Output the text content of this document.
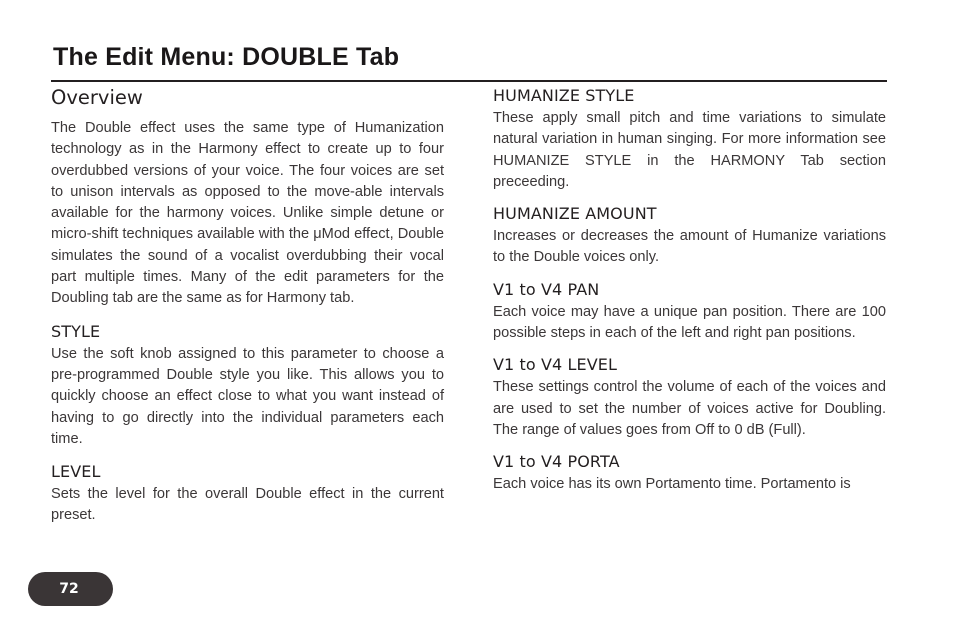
The Edit Menu: DOUBLE Tab
Overview

The Double effect uses the same type of Humanization technology as in the Harmony effect to create up to four overdubbed versions of your voice. The four voices are set to unison intervals as opposed to the move-able intervals available for the harmony voices. Unlike simple detune or micro-shift techniques available with the μMod effect, Double simulates the sound of a vocalist overdubbing their vocal part multiple times. Many of the edit parameters for the Doubling tab are the same as for Harmony tab.

STYLE

Use the soft knob assigned to this parameter to choose a pre-programmed Double style you like. This allows you to quickly choose an effect close to what you want instead of having to go directly into the individual parameters each time.

LEVEL

Sets the level for the overall Double effect in the current preset.

HUMANIZE STYLE

These apply small pitch and time variations to simulate natural variation in human singing. For more information see HUMANIZE STYLE in the HARMONY Tab section preceeding.

HUMANIZE AMOUNT

Increases or decreases the amount of Humanize variations to the Double voices only.

V1 to V4 PAN

Each voice may have a unique pan position. There are 100 possible steps in each of the left and right pan positions.

V1 to V4 LEVEL

These settings control the volume of each of the voices and are used to set the number of voices active for Doubling. The range of values goes from Off to 0 dB (Full).

V1 to V4 PORTA

Each voice has its own Portamento time. Portamento is

72
